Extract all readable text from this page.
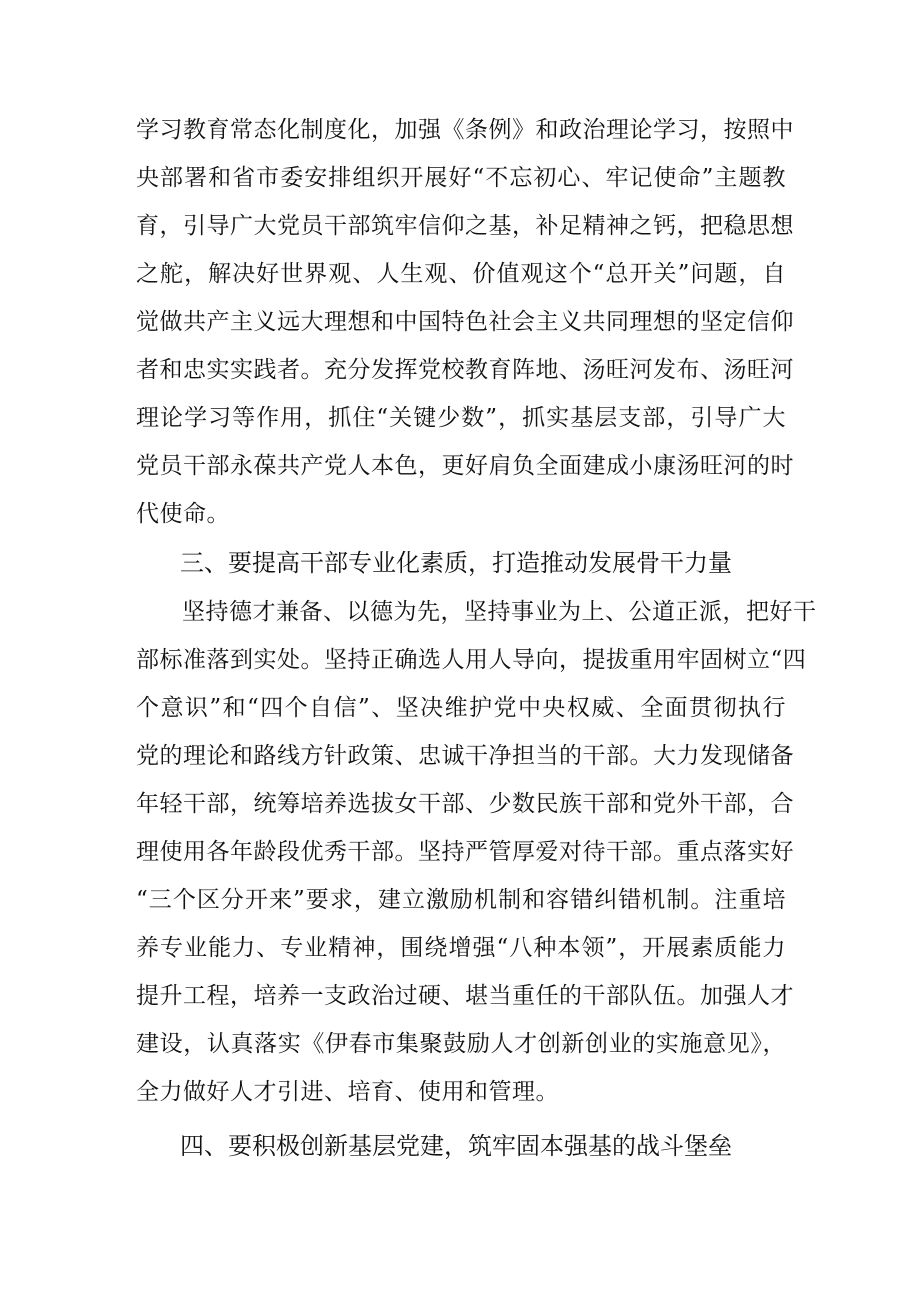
学习教育常态化制度化，加强《条例》和政治理论学习，按照中
央部署和省市委安排组织开展好“不忘初心、牢记使命”主题教
育，引导广大党员干部筑牢信仰之基，补足精神之钙，把稳思想
之舵，解决好世界观、人生观、价值观这个“总开关”问题，自
觉做共产主义远大理想和中国特色社会主义共同理想的坚定信仰
者和忠实实践者。充分发挥党校教育阵地、汤旺河发布、汤旺河
理论学习等作用，抓住“关键少数”，抓实基层支部，引导广大
党员干部永葆共产党人本色，更好肩负全面建成小康汤旺河的时
代使命。
三、要提高干部专业化素质，打造推动发展骨干力量
坚持德才兼备、以德为先，坚持事业为上、公道正派，把好干
部标准落到实处。坚持正确选人用人导向，提拔重用牢固树立“四
个意识”和“四个自信”、坚决维护党中央权威、全面贯彻执行
党的理论和路线方针政策、忠诚干净担当的干部。大力发现储备
年轻干部，统筹培养选拔女干部、少数民族干部和党外干部，合
理使用各年龄段优秀干部。坚持严管厚爱对待干部。重点落实好
“三个区分开来”要求，建立激励机制和容错纠错机制。注重培
养专业能力、专业精神，围绕增强“八种本领”，开展素质能力
提升工程，培养一支政治过硬、堪当重任的干部队伍。加强人才
建设，认真落实《伊春市集聚鼓励人才创新创业的实施意见》，
全力做好人才引进、培育、使用和管理。
四、要积极创新基层党建，筑牢固本强基的战斗堡垒
